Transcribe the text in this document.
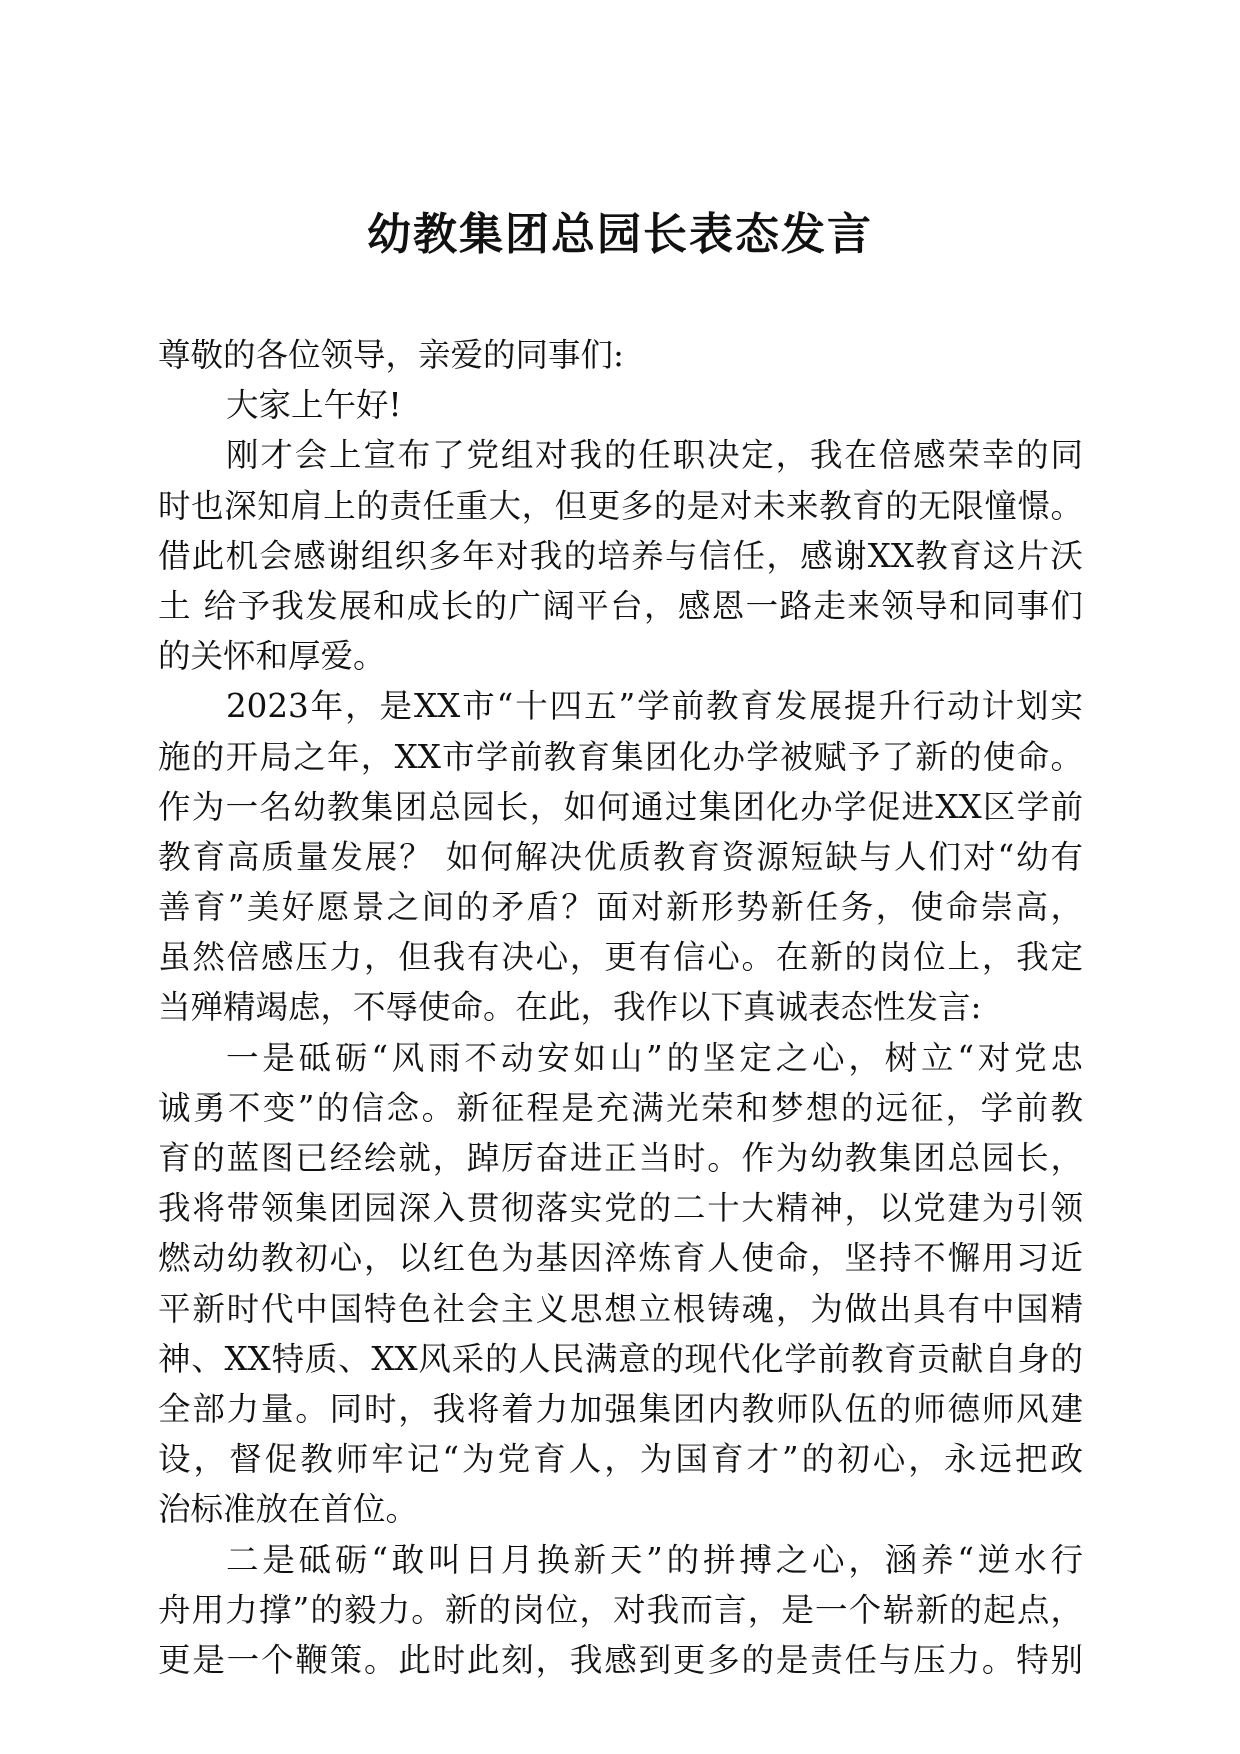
幼教集团总园长表态发言
尊敬的各位领导，亲爱的同事们:
大家上午好!
刚才会上宣布了党组对我的任职决定，我在倍感荣幸的同
时也深知肩上的责任重大，但更多的是对未来教育的无限憧憬。
借此机会感谢组织多年对我的培养与信任，感谢XX教育这片沃
土 给予我发展和成长的广阔平台，感恩一路走来领导和同事们
的关怀和厚爱。
2023年，是XX市“十四五”学前教育发展提升行动计划实
施的开局之年，XX市学前教育集团化办学被赋予了新的使命。
作为一名幼教集团总园长，如何通过集团化办学促进XX区学前
教育高质量发展？ 如何解决优质教育资源短缺与人们对“幼有
善育”美好愿景之间的矛盾？面对新形势新任务，使命崇高，
虽然倍感压力，但我有决心，更有信心。在新的岗位上，我定
当殚精竭虑，不辱使命。在此，我作以下真诚表态性发言:
一是砥砺“风雨不动安如山”的坚定之心，树立“对党忠
诚勇不变”的信念。新征程是充满光荣和梦想的远征，学前教
育的蓝图已经绘就，踔厉奋进正当时。作为幼教集团总园长，
我将带领集团园深入贯彻落实党的二十大精神，以党建为引领
燃动幼教初心，以红色为基因淬炼育人使命，坚持不懈用习近
平新时代中国特色社会主义思想立根铸魂，为做出具有中国精
神、XX特质、XX风采的人民满意的现代化学前教育贡献自身的
全部力量。同时，我将着力加强集团内教师队伍的师德师风建
设，督促教师牢记“为党育人，为国育才”的初心，永远把政
治标准放在首位。
二是砥砺“敢叫日月换新天”的拼搏之心，涵养“逆水行
舟用力撑”的毅力。新的岗位，对我而言，是一个崭新的起点，
更是一个鞭策。此时此刻，我感到更多的是责任与压力。特别
